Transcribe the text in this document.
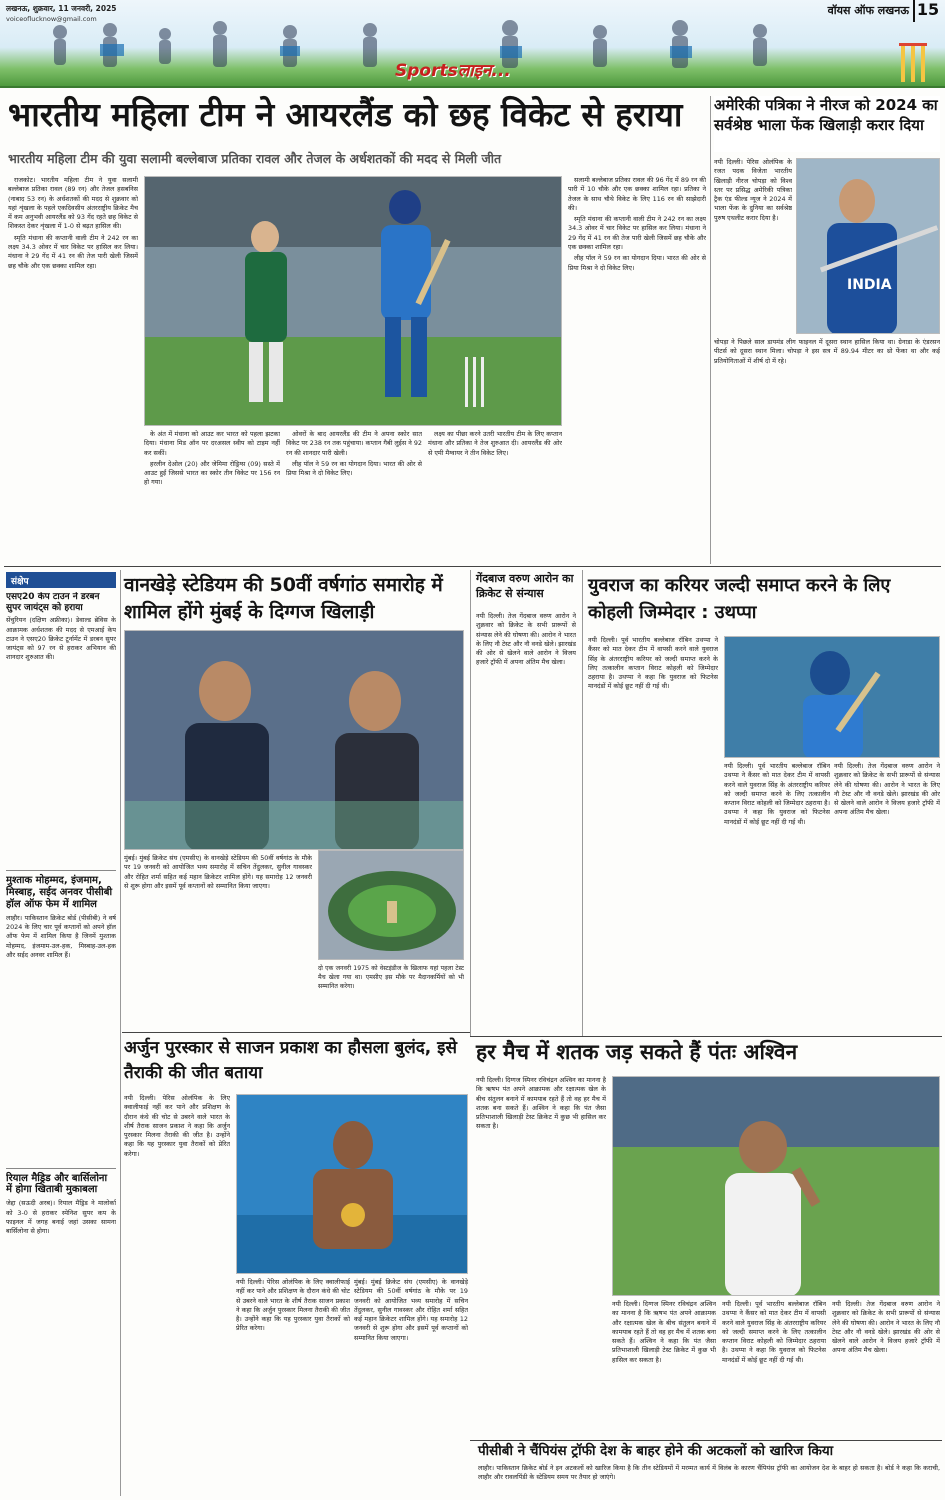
लखनऊ, शुक्रवार, 11 जनवरी, 2025
voiceoflucknow@gmail.com
Sportsलाइन...
वॉयस ऑफ लखनऊ 15
भारतीय महिला टीम ने आयरलैंड को छह विकेट से हराया
भारतीय महिला टीम की युवा सलामी बल्लेबाज प्रतिका रावल और तेजल के अर्धशतकों की मदद से मिली जीत

राजकोट। भारतीय महिला टीम ने युवा सलामी बल्लेबाज प्रतिका रावल (89 रन) और तेजल हसबनिस (नाबाद 53 रन) के अर्धशतकों की मदद से शुक्रवार को यहां शृंखला के पहले एकदिवसीय अंतरराष्ट्रीय क्रिकेट मैच में कम अनुभवी आयरलैंड को 93 गेंद रहते छह विकेट से शिकस्त देकर शृंखला में 1-0 से बढ़त हासिल की।

स्मृति मंधाना की कप्तानी वाली टीम ने 242 रन का लक्ष्य 34.3 ओवर में चार विकेट पर हासिल कर लिया। मंधाना ने 29 गेंद में 41 रन की तेज पारी खेली जिसमें छह चौके और एक छक्का शामिल रहा।

के अंत में मंधाना को आउट कर भारत को पहला झटका दिया। मंधाना मिड ऑन पर दरअसल स्वीप को टाइम नहीं कर सकीं।

हरलीन देओल (20) और जेमिमा रोड्रिग्स (09) सस्ते में आउट हुईं जिससे भारत का स्कोर तीन विकेट पर 156 रन हो गया।

ओवरों के बाद आयरलैंड की टीम ने अपना स्कोर सात विकेट पर 238 रन तक पहुंचाया। कप्तान गैबी लुईस ने 92 रन की शानदार पारी खेली।

लीह पॉल ने 59 रन का योगदान दिया। भारत की ओर से प्रिया मिश्रा ने दो विकेट लिए।

लक्ष्य का पीछा करने उतरी भारतीय टीम के लिए कप्तान मंधाना और प्रतिका ने तेज शुरुआत दी। आयरलैंड की ओर से एमी मैग्वायर ने तीन विकेट लिए।

सलामी बल्लेबाज प्रतिका रावल की 96 गेंद में 89 रन की पारी में 10 चौके और एक छक्का शामिल रहा। प्रतिका ने तेजल के साथ चौथे विकेट के लिए 116 रन की साझेदारी की।

स्मृति मंधाना की कप्तानी वाली टीम ने 242 रन का लक्ष्य 34.3 ओवर में चार विकेट पर हासिल कर लिया। मंधाना ने 29 गेंद में 41 रन की तेज पारी खेली जिसमें छह चौके और एक छक्का शामिल रहा।

लीह पॉल ने 59 रन का योगदान दिया। भारत की ओर से प्रिया मिश्रा ने दो विकेट लिए।

अमेरिकी पत्रिका ने नीरज को 2024 का सर्वश्रेष्ठ भाला फेंक खिलाड़ी करार दिया
नयी दिल्ली। पेरिस ओलंपिक के रजत पदक विजेता भारतीय खिलाड़ी नीरज चोपड़ा को विश्व स्तर पर प्रसिद्ध अमेरिकी पत्रिका ट्रैक एंड फील्ड न्यूज ने 2024 में भाला फेंक के दुनिया का सर्वश्रेष्ठ पुरुष एथलीट करार दिया है।
INDIA
चोपड़ा ने पिछले साल डायमंड लीग फाइनल में दूसरा स्थान हासिल किया था। ग्रेनाडा के एंडरसन पीटर्स को दूसरा स्थान मिला। चोपड़ा ने इस सत्र में 89.94 मीटर का थ्रो फेंका था और कई प्रतियोगिताओं में शीर्ष दो में रहे।
संक्षेप
एसए20 केप टाउन ने डरबन सुपर जायंट्स को हराया
सेंचुरियन (दक्षिण अफ्रीका)। डेवाल्ड ब्रेविस के आक्रामक अर्धशतक की मदद से एमआई केप टाउन ने एसए20 क्रिकेट टूर्नामेंट में डरबन सुपर जायंट्स को 97 रन से हराकर अभियान की शानदार शुरुआत की।
मुश्ताक मोहम्मद, इंजमाम, मिस्बाह, सईद अनवर पीसीबी हॉल ऑफ फेम में शामिल
लाहौर। पाकिस्तान क्रिकेट बोर्ड (पीसीबी) ने वर्ष 2024 के लिए चार पूर्व कप्तानों को अपने हॉल ऑफ फेम में शामिल किया है जिनमें मुश्ताक मोहम्मद, इंजमाम-उल-हक, मिस्बाह-उल-हक और सईद अनवर शामिल हैं।
रियाल मैड्रिड और बार्सिलोना में होगा खिताबी मुकाबला
जेद्दा (सऊदी अरब)। रियाल मैड्रिड ने मालोर्का को 3-0 से हराकर स्पेनिश सुपर कप के फाइनल में जगह बनाई जहां उसका सामना बार्सिलोना से होगा।
वानखेड़े स्टेडियम की 50वीं वर्षगांठ समारोह में शामिल होंगे मुंबई के दिग्गज खिलाड़ी
मुंबई। मुंबई क्रिकेट संघ (एमसीए) के वानखेड़े स्टेडियम की 50वीं वर्षगांठ के मौके पर 19 जनवरी को आयोजित भव्य समारोह में सचिन तेंदुलकर, सुनील गावस्कर और रोहित शर्मा सहित कई महान क्रिकेटर शामिल होंगे। यह समारोह 12 जनवरी से शुरू होगा और इसमें पूर्व कप्तानों को सम्मानित किया जाएगा।
दो एक जनवरी 1975 को वेस्टइंडीज के खिलाफ यहां पहला टेस्ट मैच खेला गया था। एमसीए इस मौके पर मैदानकर्मियों को भी सम्मानित करेगा।
गेंदबाज वरुण आरोन का क्रिकेट से संन्यास
नयी दिल्ली। तेज गेंदबाज वरुण आरोन ने शुक्रवार को क्रिकेट के सभी प्रारूपों से संन्यास लेने की घोषणा की। आरोन ने भारत के लिए नौ टेस्ट और नौ वनडे खेले। झारखंड की ओर से खेलने वाले आरोन ने विजय हजारे ट्रॉफी में अपना अंतिम मैच खेला।
युवराज का करियर जल्दी समाप्त करने के लिए कोहली जिम्मेदार : उथप्पा
नयी दिल्ली। पूर्व भारतीय बल्लेबाज रॉबिन उथप्पा ने कैंसर को मात देकर टीम में वापसी करने वाले युवराज सिंह के अंतरराष्ट्रीय करियर को जल्दी समाप्त करने के लिए तत्कालीन कप्तान विराट कोहली को जिम्मेदार ठहराया है। उथप्पा ने कहा कि युवराज को फिटनेस मानदंडों में कोई छूट नहीं दी गई थी।
नयी दिल्ली। पूर्व भारतीय बल्लेबाज रॉबिन उथप्पा ने कैंसर को मात देकर टीम में वापसी करने वाले युवराज सिंह के अंतरराष्ट्रीय करियर को जल्दी समाप्त करने के लिए तत्कालीन कप्तान विराट कोहली को जिम्मेदार ठहराया है। उथप्पा ने कहा कि युवराज को फिटनेस मानदंडों में कोई छूट नहीं दी गई थी।
नयी दिल्ली। तेज गेंदबाज वरुण आरोन ने शुक्रवार को क्रिकेट के सभी प्रारूपों से संन्यास लेने की घोषणा की। आरोन ने भारत के लिए नौ टेस्ट और नौ वनडे खेले। झारखंड की ओर से खेलने वाले आरोन ने विजय हजारे ट्रॉफी में अपना अंतिम मैच खेला।
हर मैच में शतक जड़ सकते हैं पंतः अश्विन
नयी दिल्ली। दिग्गज स्पिनर रविचंद्रन अश्विन का मानना है कि ऋषभ पंत अपने आक्रामक और रक्षात्मक खेल के बीच संतुलन बनाने में कामयाब रहते हैं तो वह हर मैच में शतक बना सकते हैं। अश्विन ने कहा कि पंत जैसा प्रतिभाशाली खिलाड़ी टेस्ट क्रिकेट में कुछ भी हासिल कर सकता है।
नयी दिल्ली। दिग्गज स्पिनर रविचंद्रन अश्विन का मानना है कि ऋषभ पंत अपने आक्रामक और रक्षात्मक खेल के बीच संतुलन बनाने में कामयाब रहते हैं तो वह हर मैच में शतक बना सकते हैं। अश्विन ने कहा कि पंत जैसा प्रतिभाशाली खिलाड़ी टेस्ट क्रिकेट में कुछ भी हासिल कर सकता है।
नयी दिल्ली। पूर्व भारतीय बल्लेबाज रॉबिन उथप्पा ने कैंसर को मात देकर टीम में वापसी करने वाले युवराज सिंह के अंतरराष्ट्रीय करियर को जल्दी समाप्त करने के लिए तत्कालीन कप्तान विराट कोहली को जिम्मेदार ठहराया है। उथप्पा ने कहा कि युवराज को फिटनेस मानदंडों में कोई छूट नहीं दी गई थी।
नयी दिल्ली। तेज गेंदबाज वरुण आरोन ने शुक्रवार को क्रिकेट के सभी प्रारूपों से संन्यास लेने की घोषणा की। आरोन ने भारत के लिए नौ टेस्ट और नौ वनडे खेले। झारखंड की ओर से खेलने वाले आरोन ने विजय हजारे ट्रॉफी में अपना अंतिम मैच खेला।
अर्जुन पुरस्कार से साजन प्रकाश का हौसला बुलंद, इसे तैराकी की जीत बताया
नयी दिल्ली। पेरिस ओलंपिक के लिए क्वालीफाई नहीं कर पाने और प्रशिक्षण के दौरान कंधे की चोट से उबरने वाले भारत के शीर्ष तैराक साजन प्रकाश ने कहा कि अर्जुन पुरस्कार मिलना तैराकी की जीत है। उन्होंने कहा कि यह पुरस्कार युवा तैराकों को प्रेरित करेगा।
नयी दिल्ली। पेरिस ओलंपिक के लिए क्वालीफाई नहीं कर पाने और प्रशिक्षण के दौरान कंधे की चोट से उबरने वाले भारत के शीर्ष तैराक साजन प्रकाश ने कहा कि अर्जुन पुरस्कार मिलना तैराकी की जीत है। उन्होंने कहा कि यह पुरस्कार युवा तैराकों को प्रेरित करेगा।
मुंबई। मुंबई क्रिकेट संघ (एमसीए) के वानखेड़े स्टेडियम की 50वीं वर्षगांठ के मौके पर 19 जनवरी को आयोजित भव्य समारोह में सचिन तेंदुलकर, सुनील गावस्कर और रोहित शर्मा सहित कई महान क्रिकेटर शामिल होंगे। यह समारोह 12 जनवरी से शुरू होगा और इसमें पूर्व कप्तानों को सम्मानित किया जाएगा।
पीसीबी ने चैंपियंस ट्रॉफी देश के बाहर होने की अटकलों को खारिज किया
लाहौर। पाकिस्तान क्रिकेट बोर्ड ने इन अटकलों को खारिज किया है कि तीन स्टेडियमों में मरम्मत कार्य में विलंब के कारण चैंपियंस ट्रॉफी का आयोजन देश के बाहर हो सकता है। बोर्ड ने कहा कि कराची, लाहौर और रावलपिंडी के स्टेडियम समय पर तैयार हो जाएंगे।
